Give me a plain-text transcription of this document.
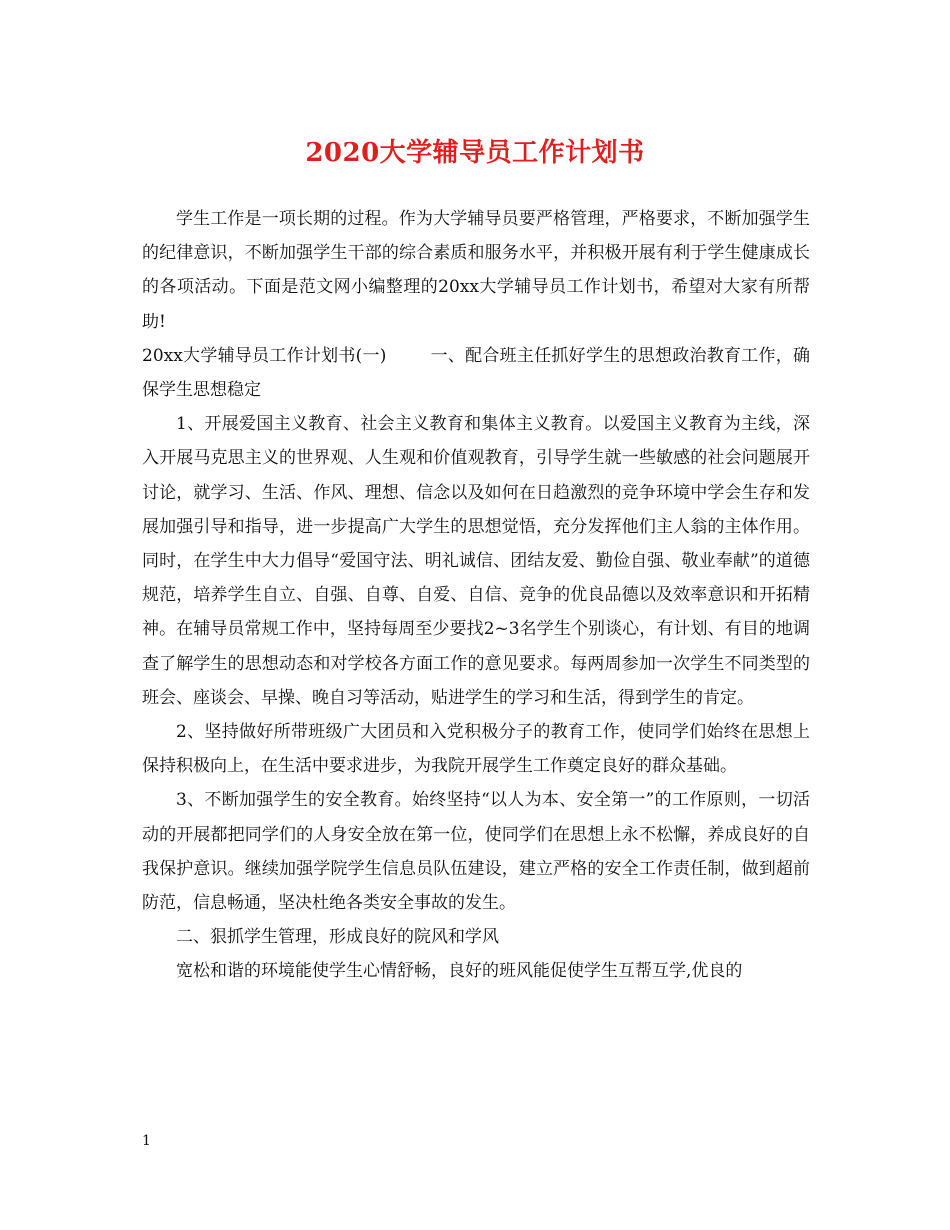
2020大学辅导员工作计划书

学生工作是一项长期的过程。作为大学辅导员要严格管理，严格要求，不断加强学生的纪律意识，不断加强学生干部的综合素质和服务水平，并积极开展有利于学生健康成长的各项活动。下面是范文网小编整理的20xx大学辅导员工作计划书，希望对大家有所帮助!

20xx大学辅导员工作计划书(一)	一、配合班主任抓好学生的思想政治教育工作，确保学生思想稳定

1、开展爱国主义教育、社会主义教育和集体主义教育。以爱国主义教育为主线，深入开展马克思主义的世界观、人生观和价值观教育，引导学生就一些敏感的社会问题展开讨论，就学习、生活、作风、理想、信念以及如何在日趋激烈的竞争环境中学会生存和发展加强引导和指导，进一步提高广大学生的思想觉悟，充分发挥他们主人翁的主体作用。同时，在学生中大力倡导“爱国守法、明礼诚信、团结友爱、勤俭自强、敬业奉献”的道德规范，培养学生自立、自强、自尊、自爱、自信、竞争的优良品德以及效率意识和开拓精神。在辅导员常规工作中，坚持每周至少要找2~3名学生个别谈心，有计划、有目的地调查了解学生的思想动态和对学校各方面工作的意见要求。每两周参加一次学生不同类型的班会、座谈会、早操、晚自习等活动，贴进学生的学习和生活，得到学生的肯定。

2、坚持做好所带班级广大团员和入党积极分子的教育工作，使同学们始终在思想上保持积极向上，在生活中要求进步，为我院开展学生工作奠定良好的群众基础。

3、不断加强学生的安全教育。始终坚持“以人为本、安全第一”的工作原则，一切活动的开展都把同学们的人身安全放在第一位，使同学们在思想上永不松懈，养成良好的自我保护意识。继续加强学院学生信息员队伍建设，建立严格的安全工作责任制，做到超前防范，信息畅通，坚决杜绝各类安全事故的发生。

二、狠抓学生管理，形成良好的院风和学风

宽松和谐的环境能使学生心情舒畅，良好的班风能促使学生互帮互学,优良的

1
